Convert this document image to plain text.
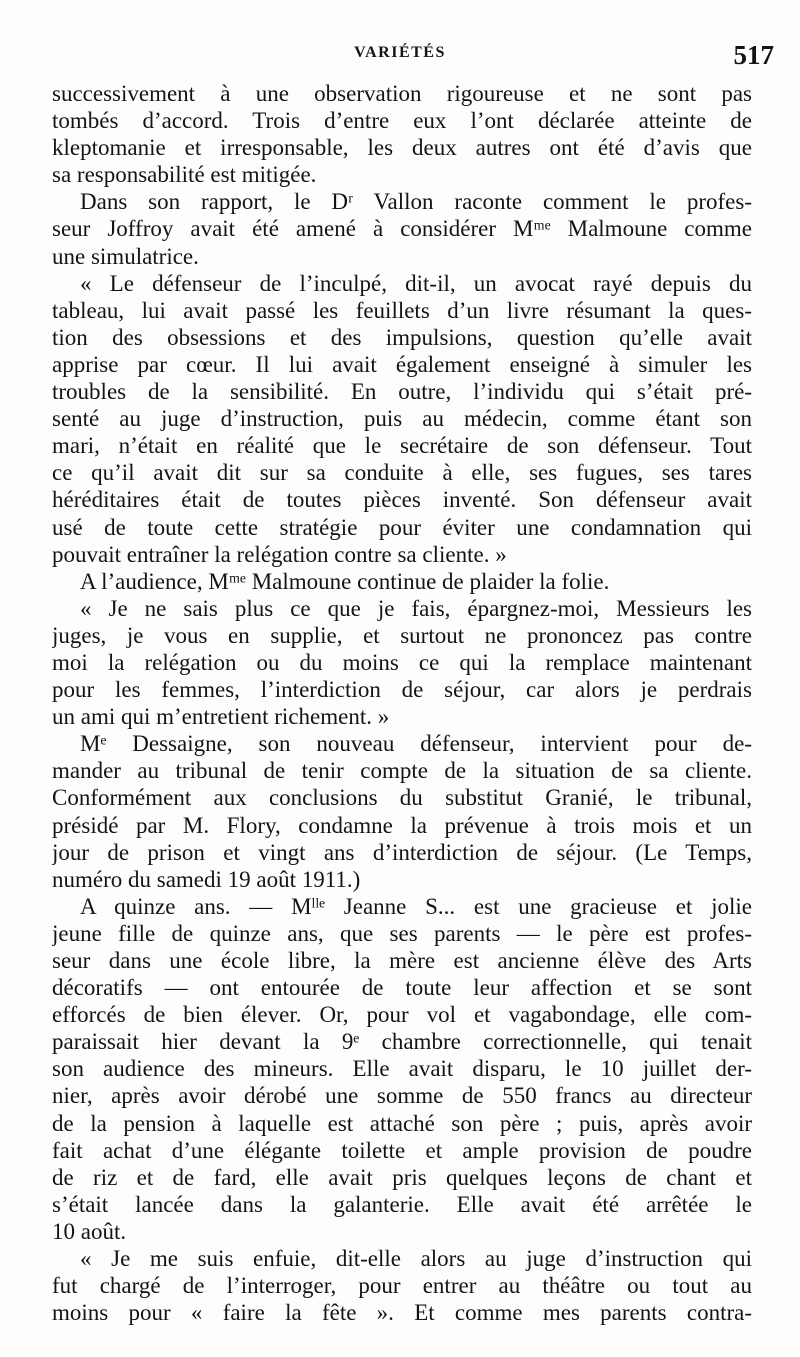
VARIÉTÉS	517
successivement à une observation rigoureuse et ne sont pas
tombés d’accord. Trois d’entre eux l’ont déclarée atteinte de
kleptomanie et irresponsable, les deux autres ont été d’avis que
sa responsabilité est mitigée.
Dans son rapport, le Dʳ Vallon raconte comment le profes-
seur Joffroy avait été amené à considérer Mᵐᵉ Malmoune comme
une simulatrice.
« Le défenseur de l’inculpé, dit-il, un avocat rayé depuis du
tableau, lui avait passé les feuillets d’un livre résumant la ques-
tion des obsessions et des impulsions, question qu’elle avait
apprise par cœur. Il lui avait également enseigné à simuler les
troubles de la sensibilité. En outre, l’individu qui s’était pré-
senté au juge d’instruction, puis au médecin, comme étant son
mari, n’était en réalité que le secrétaire de son défenseur. Tout
ce qu’il avait dit sur sa conduite à elle, ses fugues, ses tares
héréditaires était de toutes pièces inventé. Son défenseur avait
usé de toute cette stratégie pour éviter une condamnation qui
pouvait entraîner la relégation contre sa cliente. »
A l’audience, Mᵐᵉ Malmoune continue de plaider la folie.
« Je ne sais plus ce que je fais, épargnez-moi, Messieurs les
juges, je vous en supplie, et surtout ne prononcez pas contre
moi la relégation ou du moins ce qui la remplace maintenant
pour les femmes, l’interdiction de séjour, car alors je perdrais
un ami qui m’entretient richement. »
Mᵉ Dessaigne, son nouveau défenseur, intervient pour de-
mander au tribunal de tenir compte de la situation de sa cliente.
Conformément aux conclusions du substitut Granié, le tribunal,
présidé par M. Flory, condamne la prévenue à trois mois et un
jour de prison et vingt ans d’interdiction de séjour. (Le Temps,
numéro du samedi 19 août 1911.)
A quinze ans. — Mˡˡᵉ Jeanne S... est une gracieuse et jolie
jeune fille de quinze ans, que ses parents — le père est profes-
seur dans une école libre, la mère est ancienne élève des Arts
décoratifs — ont entourée de toute leur affection et se sont
efforcés de bien élever. Or, pour vol et vagabondage, elle com-
paraissait hier devant la 9ᵉ chambre correctionnelle, qui tenait
son audience des mineurs. Elle avait disparu, le 10 juillet der-
nier, après avoir dérobé une somme de 550 francs au directeur
de la pension à laquelle est attaché son père ; puis, après avoir
fait achat d’une élégante toilette et ample provision de poudre
de riz et de fard, elle avait pris quelques leçons de chant et
s’était lancée dans la galanterie. Elle avait été arrêtée le
10 août.
« Je me suis enfuie, dit-elle alors au juge d’instruction qui
fut chargé de l’interroger, pour entrer au théâtre ou tout au
moins pour « faire la fête ». Et comme mes parents contra-
